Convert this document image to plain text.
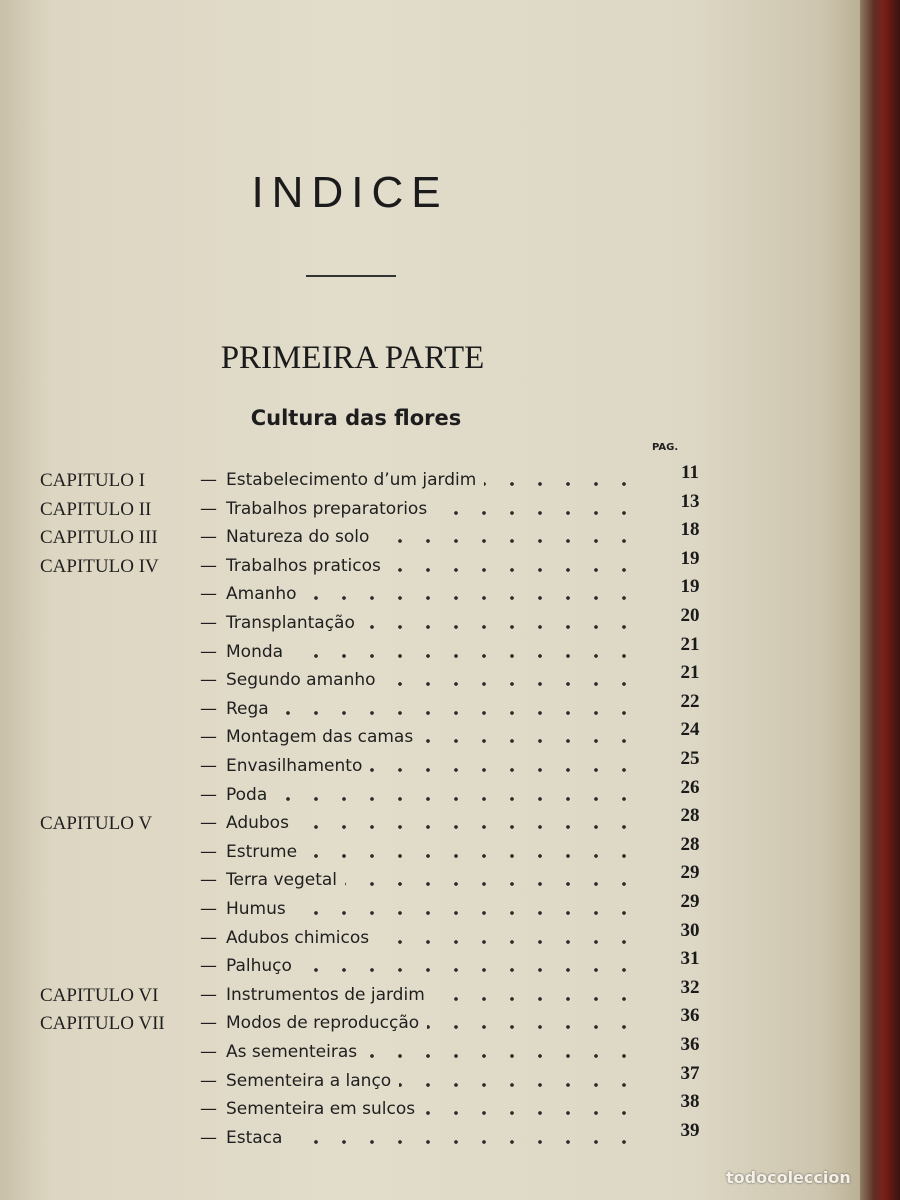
INDICE
PRIMEIRA PARTE
Cultura das flores
PAG.
CAPITULO I	— Estabelecimento d’um jardim	11
CAPITULO II	— Trabalhos preparatorios	13
CAPITULO III — Natureza do solo	18
CAPITULO IV — Trabalhos praticos	19
— Amanho	19
— Transplantação	20
— Monda	21
— Segundo amanho	21
— Rega	22
— Montagem das camas	24
— Envasilhamento	25
— Poda	26
CAPITULO V	— Adubos	28
— Estrume	28
— Terra vegetal	29
— Humus	29
— Adubos chimicos	30
— Palhuço	31
CAPITULO VI — Instrumentos de jardim	32
CAPITULO VII — Modos de reproducção	36
— As sementeiras	36
— Sementeira a lanço	37
— Sementeira em sulcos	38
— Estaca	39
todocoleccion
